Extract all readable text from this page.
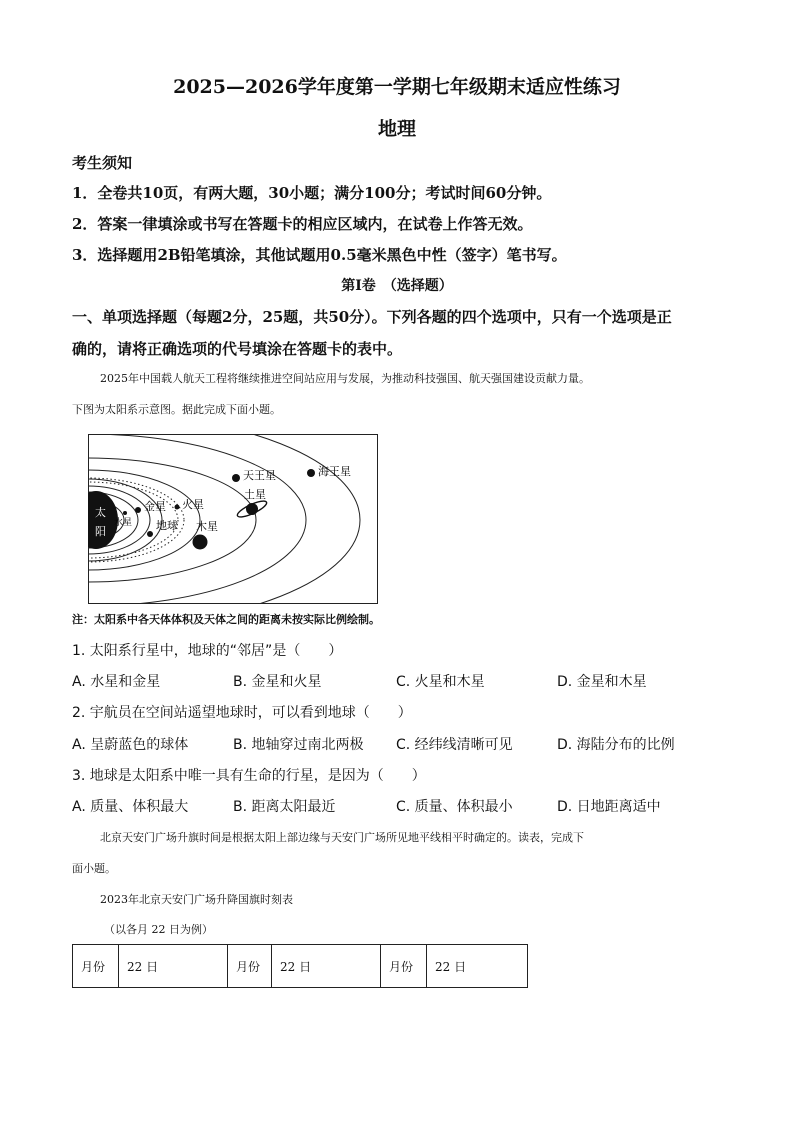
2025—2026学年度第一学期七年级期末适应性练习
地理
考生须知
1．全卷共10页，有两大题，30小题；满分100分；考试时间60分钟。
2．答案一律填涂或书写在答题卡的相应区域内，在试卷上作答无效。
3．选择题用2B铅笔填涂，其他试题用0.5毫米黑色中性（签字）笔书写。
第Ⅰ卷　（选择题）
一、单项选择题（每题2分，25题，共50分）。下列各题的四个选项中，只有一个选项是正
确的，请将正确选项的代号填涂在答题卡的表中。
2025年中国载人航天工程将继续推进空间站应用与发展，为推动科技强国、航天强国建设贡献力量。
下图为太阳系示意图。据此完成下面小题。
太
阳
水星
金星
地球
火星
木星
土星
天王星	海王星
注：太阳系中各天体体积及天体之间的距离未按实际比例绘制。
1. 太阳系行星中，地球的“邻居”是（　　）
A. 水星和金星	B. 金星和火星	C. 火星和木星	D. 金星和木星
2. 宇航员在空间站遥望地球时，可以看到地球（　　）
A. 呈蔚蓝色的球体	B. 地轴穿过南北两极 C. 经纬线清晰可见	D. 海陆分布的比例
3. 地球是太阳系中唯一具有生命的行星，是因为（　　）
A. 质量、体积最大	B. 距离太阳最近	C. 质量、体积最小	D. 日地距离适中
北京天安门广场升旗时间是根据太阳上部边缘与天安门广场所见地平线相平时确定的。读表，完成下
面小题。
2023年北京天安门广场升降国旗时刻表
（以各月 22 日为例）
月份	22 日	月份	22 日	月份	22 日
